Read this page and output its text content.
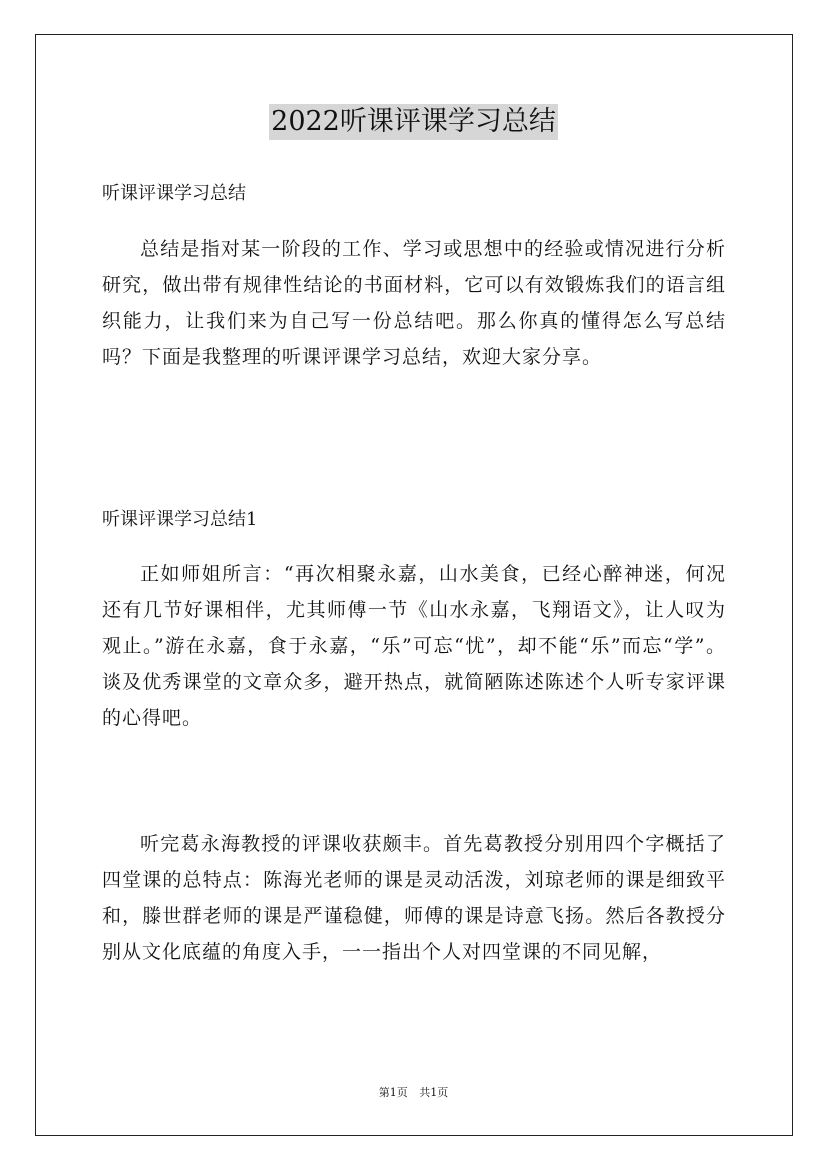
2022听课评课学习总结
听课评课学习总结

总结是指对某一阶段的工作、学习或思想中的经验或情况进行分析研究，做出带有规律性结论的书面材料，它可以有效锻炼我们的语言组织能力，让我们来为自己写一份总结吧。那么你真的懂得怎么写总结吗？下面是我整理的听课评课学习总结，欢迎大家分享。

听课评课学习总结1

正如师姐所言：“再次相聚永嘉，山水美食，已经心醉神迷，何况还有几节好课相伴，尤其师傅一节《山水永嘉，飞翔语文》，让人叹为观止。”游在永嘉，食于永嘉，“乐”可忘“忧”，却不能“乐”而忘“学”。谈及优秀课堂的文章众多，避开热点，就简陋陈述陈述个人听专家评课的心得吧。

听完葛永海教授的评课收获颇丰。首先葛教授分别用四个字概括了四堂课的总特点：陈海光老师的课是灵动活泼，刘琼老师的课是细致平和，滕世群老师的课是严谨稳健，师傅的课是诗意飞扬。然后各教授分别从文化底蕴的角度入手，一一指出个人对四堂课的不同见解，

第1页 共1页
